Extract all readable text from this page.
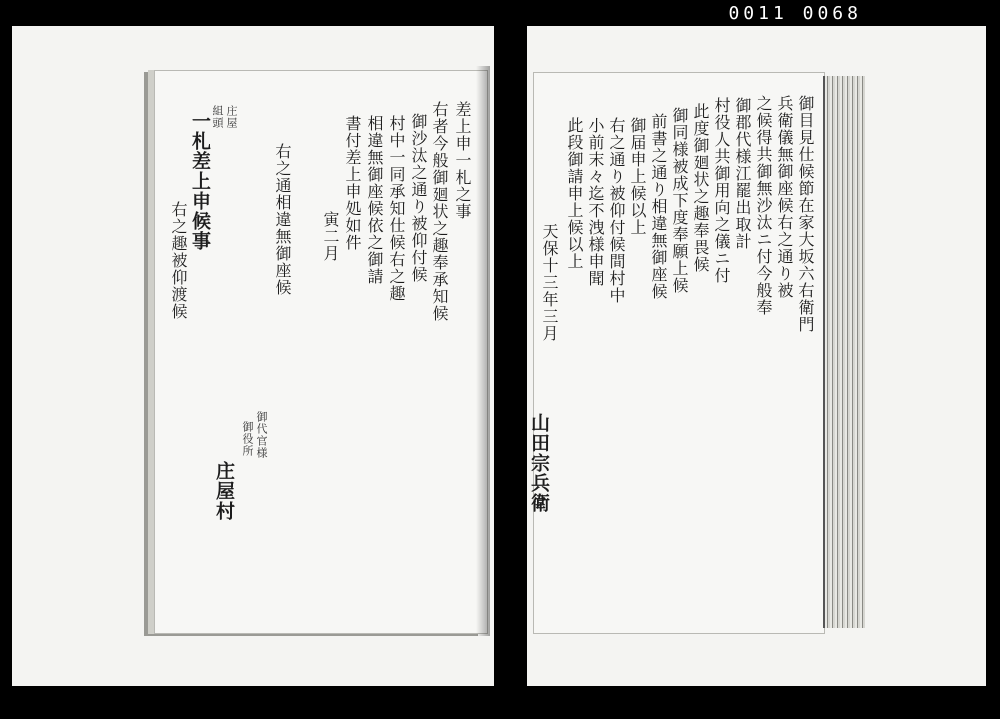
0011 0068
差上申一札之事
右者今般御廻状之趣奉承知候
御沙汰之通り被仰付候
村中一同承知仕候右之趣
相違無御座候依之御請
書付差上申処如件
寅二月
右之通相違無御座候
御代官様
御役所
庄屋村
庄屋
組頭
一札差上申候事
右之趣被仰渡候	御目見仕候節在家大坂六右衛門
兵衛儀無御座候右之通り被
之候得共御無沙汰ニ付今般奉
御郡代様江罷出取計
村役人共御用向之儀ニ付
此度御廻状之趣奉畏候
御同様被成下度奉願上候
前書之通り相違無御座候
御届申上候以上
右之通り被仰付候間村中
小前末々迄不洩様申聞
此段御請申上候以上
天保十三年三月
山田宗兵衛
